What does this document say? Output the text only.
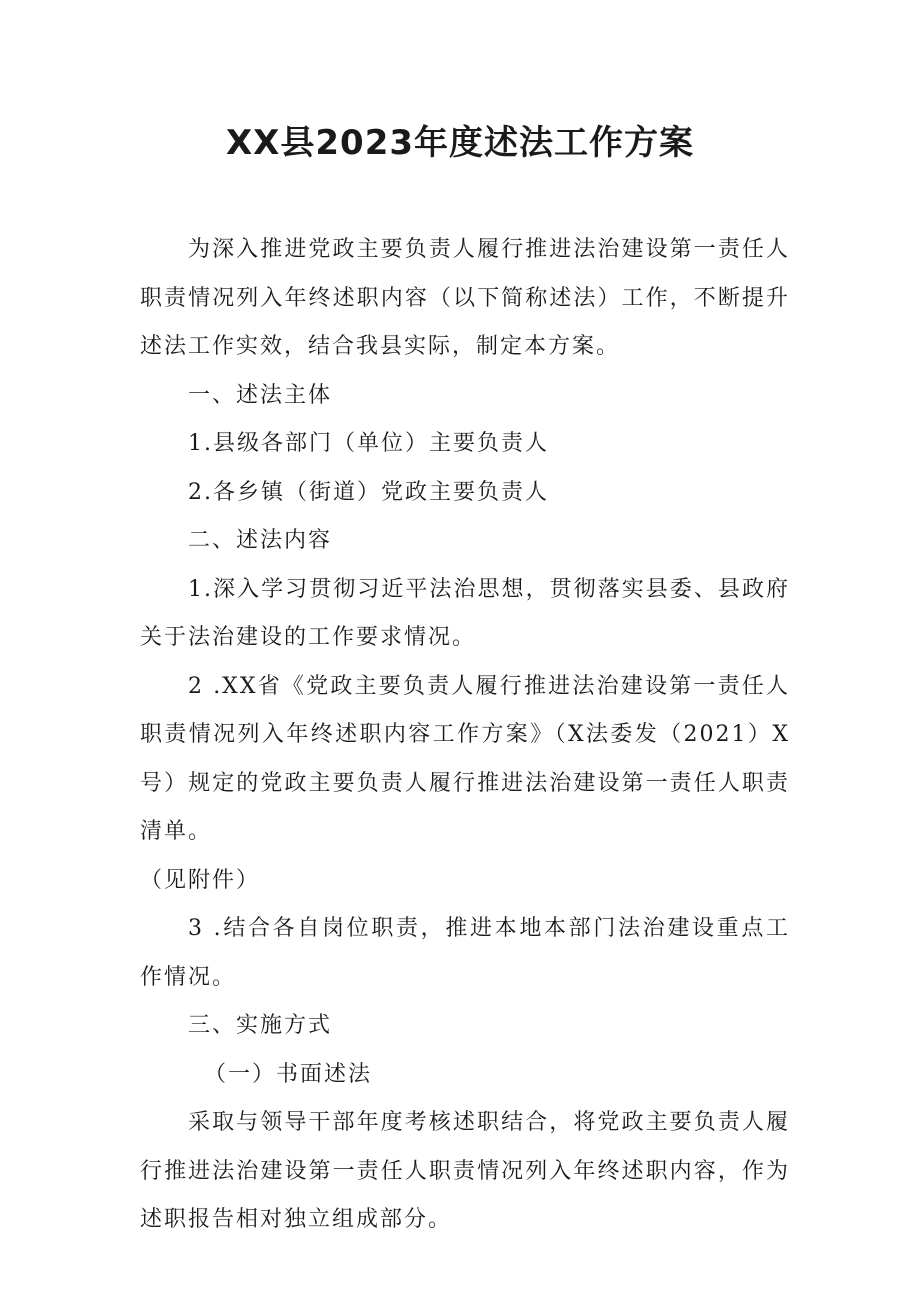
XX县2023年度述法工作方案

为深入推进党政主要负责人履行推进法治建设第一责任人职责情况列入年终述职内容（以下简称述法）工作，不断提升述法工作实效，结合我县实际，制定本方案。

一、述法主体

1.县级各部门（单位）主要负责人

2.各乡镇（街道）党政主要负责人

二、述法内容

1.深入学习贯彻习近平法治思想，贯彻落实县委、县政府关于法治建设的工作要求情况。

2 .XX省《党政主要负责人履行推进法治建设第一责任人职责情况列入年终述职内容工作方案》（X法委发（2021）X号）规定的党政主要负责人履行推进法治建设第一责任人职责清单。

（见附件）

3 .结合各自岗位职责，推进本地本部门法治建设重点工作情况。

三、实施方式

（一）书面述法

采取与领导干部年度考核述职结合，将党政主要负责人履行推进法治建设第一责任人职责情况列入年终述职内容，作为述职报告相对独立组成部分。
